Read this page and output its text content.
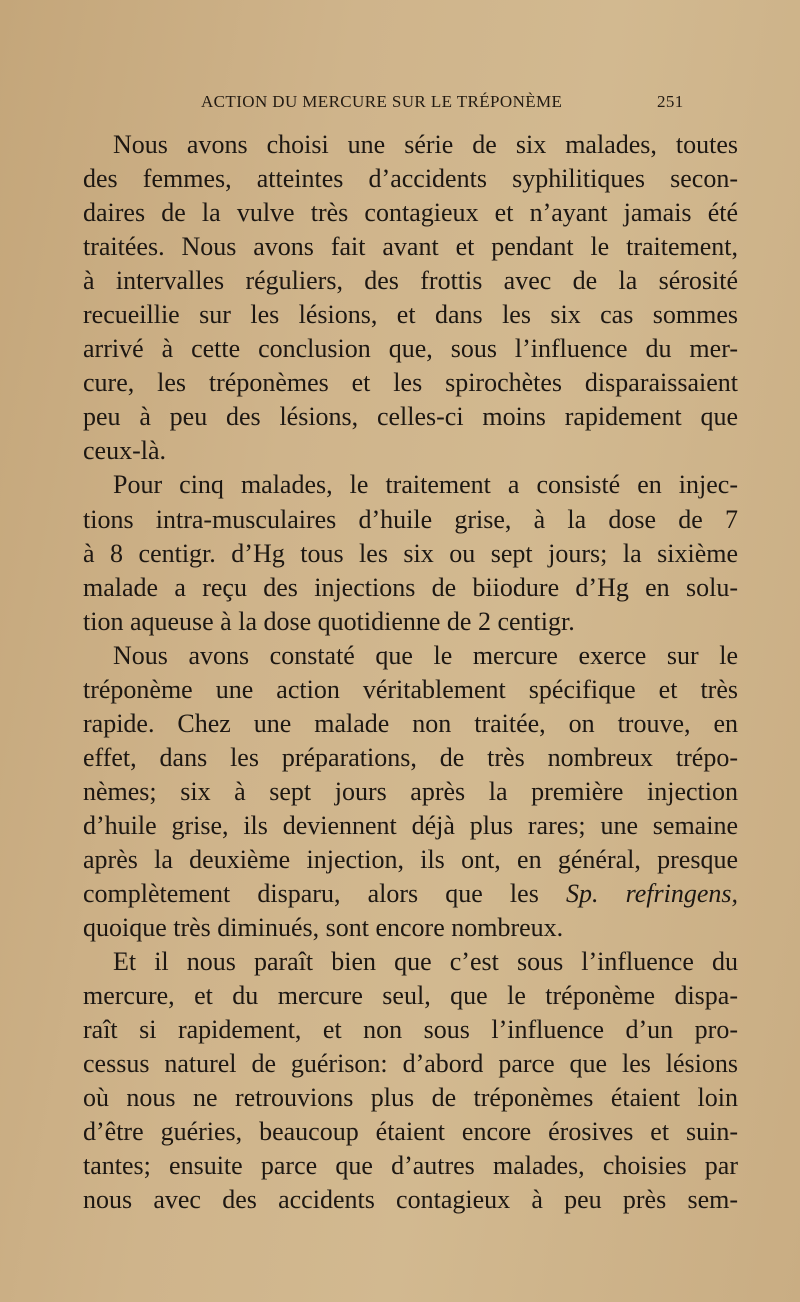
ACTION DU MERCURE SUR LE TRÉPONÈME	251
Nous avons choisi une série de six malades, toutes
des femmes, atteintes d’accidents syphilitiques secon-
daires de la vulve très contagieux et n’ayant jamais été
traitées. Nous avons fait avant et pendant le traitement,
à intervalles réguliers, des frottis avec de la sérosité
recueillie sur les lésions, et dans les six cas sommes
arrivé à cette conclusion que, sous l’influence du mer-
cure, les tréponèmes et les spirochètes disparaissaient
peu à peu des lésions, celles-ci moins rapidement que
ceux-là.
Pour cinq malades, le traitement a consisté en injec-
tions intra-musculaires d’huile grise, à la dose de 7
à 8 centigr. d’Hg tous les six ou sept jours; la sixième
malade a reçu des injections de biiodure d’Hg en solu-
tion aqueuse à la dose quotidienne de 2 centigr.
Nous avons constaté que le mercure exerce sur le
tréponème une action véritablement spécifique et très
rapide. Chez une malade non traitée, on trouve, en
effet, dans les préparations, de très nombreux trépo-
nèmes; six à sept jours après la première injection
d’huile grise, ils deviennent déjà plus rares; une semaine
après la deuxième injection, ils ont, en général, presque
complètement disparu, alors que les Sp. refringens,
quoique très diminués, sont encore nombreux.
Et il nous paraît bien que c’est sous l’influence du
mercure, et du mercure seul, que le tréponème dispa-
raît si rapidement, et non sous l’influence d’un pro-
cessus naturel de guérison: d’abord parce que les lésions
où nous ne retrouvions plus de tréponèmes étaient loin
d’être guéries, beaucoup étaient encore érosives et suin-
tantes; ensuite parce que d’autres malades, choisies par
nous avec des accidents contagieux à peu près sem-
